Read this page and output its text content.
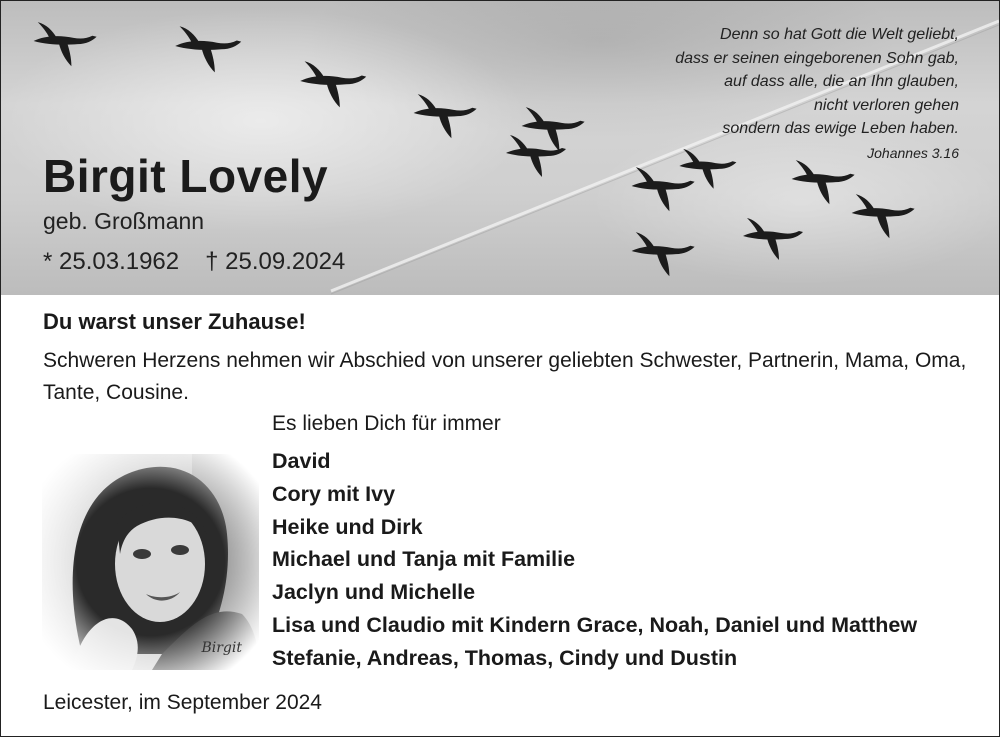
Denn so hat Gott die Welt geliebt,
dass er seinen eingeborenen Sohn gab,
auf dass alle, die an Ihn glauben,
nicht verloren gehen
sondern das ewige Leben haben.
Johannes 3.16
Birgit Lovely
geb. Großmann
* 25.03.1962 † 25.09.2024
Du warst unser Zuhause!
Schweren Herzens nehmen wir Abschied von unserer geliebten Schwester, Partnerin, Mama, Oma, Tante, Cousine.
Es lieben Dich für immer
David
Cory mit Ivy
Heike und Dirk
Michael und Tanja mit Familie
Jaclyn und Michelle
Lisa und Claudio mit Kindern Grace, Noah, Daniel und Matthew
Stefanie, Andreas, Thomas, Cindy und Dustin
Birgit
Leicester, im September 2024
